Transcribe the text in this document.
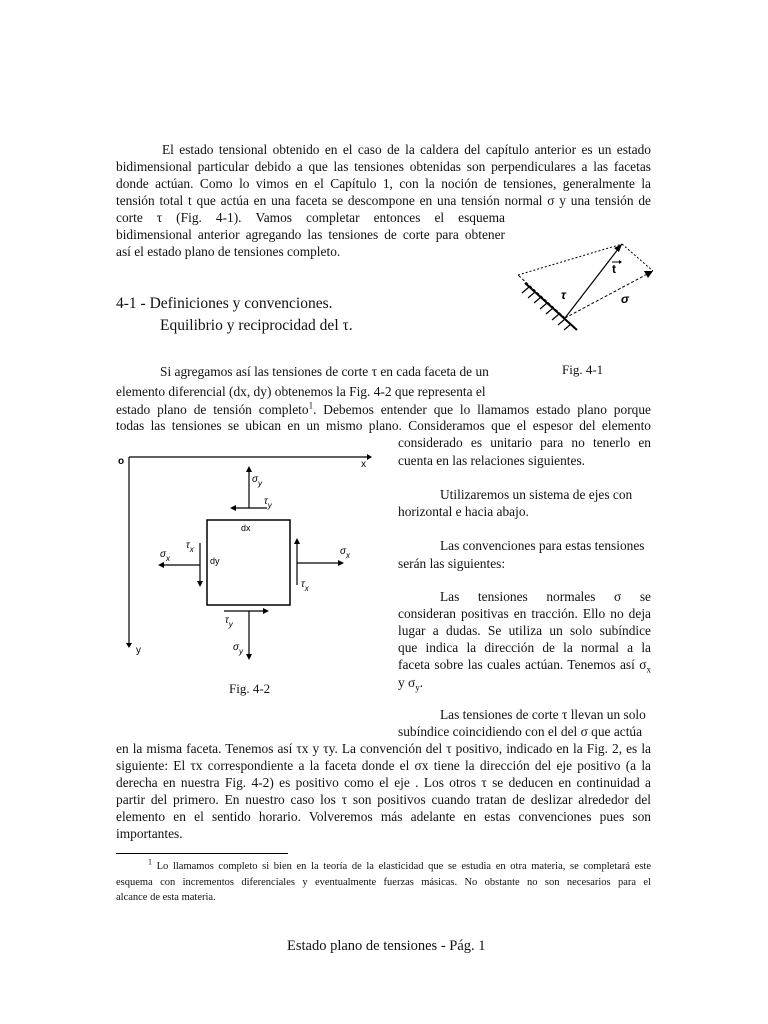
El estado tensional obtenido en el caso de la caldera del capítulo anterior es un estado
bidimensional particular debido a que las tensiones obtenidas son perpendiculares a las facetas
donde actúan. Como lo vimos en el Capítulo 1, con la noción de tensiones, generalmente la
tensión total t que actúa en una faceta se descompone en una tensión normal σ y una tensión de
corte τ (Fig. 4-1). Vamos completar entonces el esquema
bidimensional anterior agregando las tensiones de corte para obtener
así el estado plano de tensiones completo.
4-1 - Definiciones y convenciones.
Equilibrio y reciprocidad del τ.
t
τ	σ
Fig. 4-1
Si agregamos así las tensiones de corte τ en cada faceta de un
elemento diferencial (dx, dy) obtenemos la Fig. 4-2 que representa el
estado plano de tensión completo$^1$. Debemos entender que lo llamamos estado plano porque
todas las tensiones se ubican en un mismo plano. Consideramos que el espesor del elemento
considerado es unitario para no tenerlo en
cuenta en las relaciones siguientes.
o	x
y
dx
dy
$\sigma_y$
$\tau_y$
$\tau_y$
$\sigma_y$
$\tau_x$
$\sigma_x$
$\tau_x$
$\sigma_x$
Fig. 4-2
Utilizaremos un sistema de ejes con
horizontal e hacia abajo.
Las convenciones para estas tensiones
serán las siguientes:
Las tensiones normales σ se
consideran positivas en tracción. Ello no deja
lugar a dudas. Se utiliza un solo subíndice
que indica la dirección de la normal a la
faceta sobre las cuales actúan. Tenemos así $\sigma_x$
y $\sigma_y$.
Las tensiones de corte τ llevan un solo
subíndice coincidiendo con el del σ que actúa
en la misma faceta. Tenemos así τx y τy. La convención del τ positivo, indicado en la Fig. 2, es la
siguiente: El τx correspondiente a la faceta donde el σx tiene la dirección del eje positivo (a la
derecha en nuestra Fig. 4-2) es positivo como el eje . Los otros τ se deducen en continuidad a
partir del primero. En nuestro caso los τ son positivos cuando tratan de deslizar alrededor del
elemento en el sentido horario. Volveremos más adelante en estas convenciones pues son
importantes.
$^1$ Lo llamamos completo si bien en la teoría de la elasticidad que se estudia en otra materia, se completará este
esquema con incrementos diferenciales y eventualmente fuerzas másicas. No obstante no son necesarios para el
alcance de esta materia.
Estado plano de tensiones - Pág. 1
